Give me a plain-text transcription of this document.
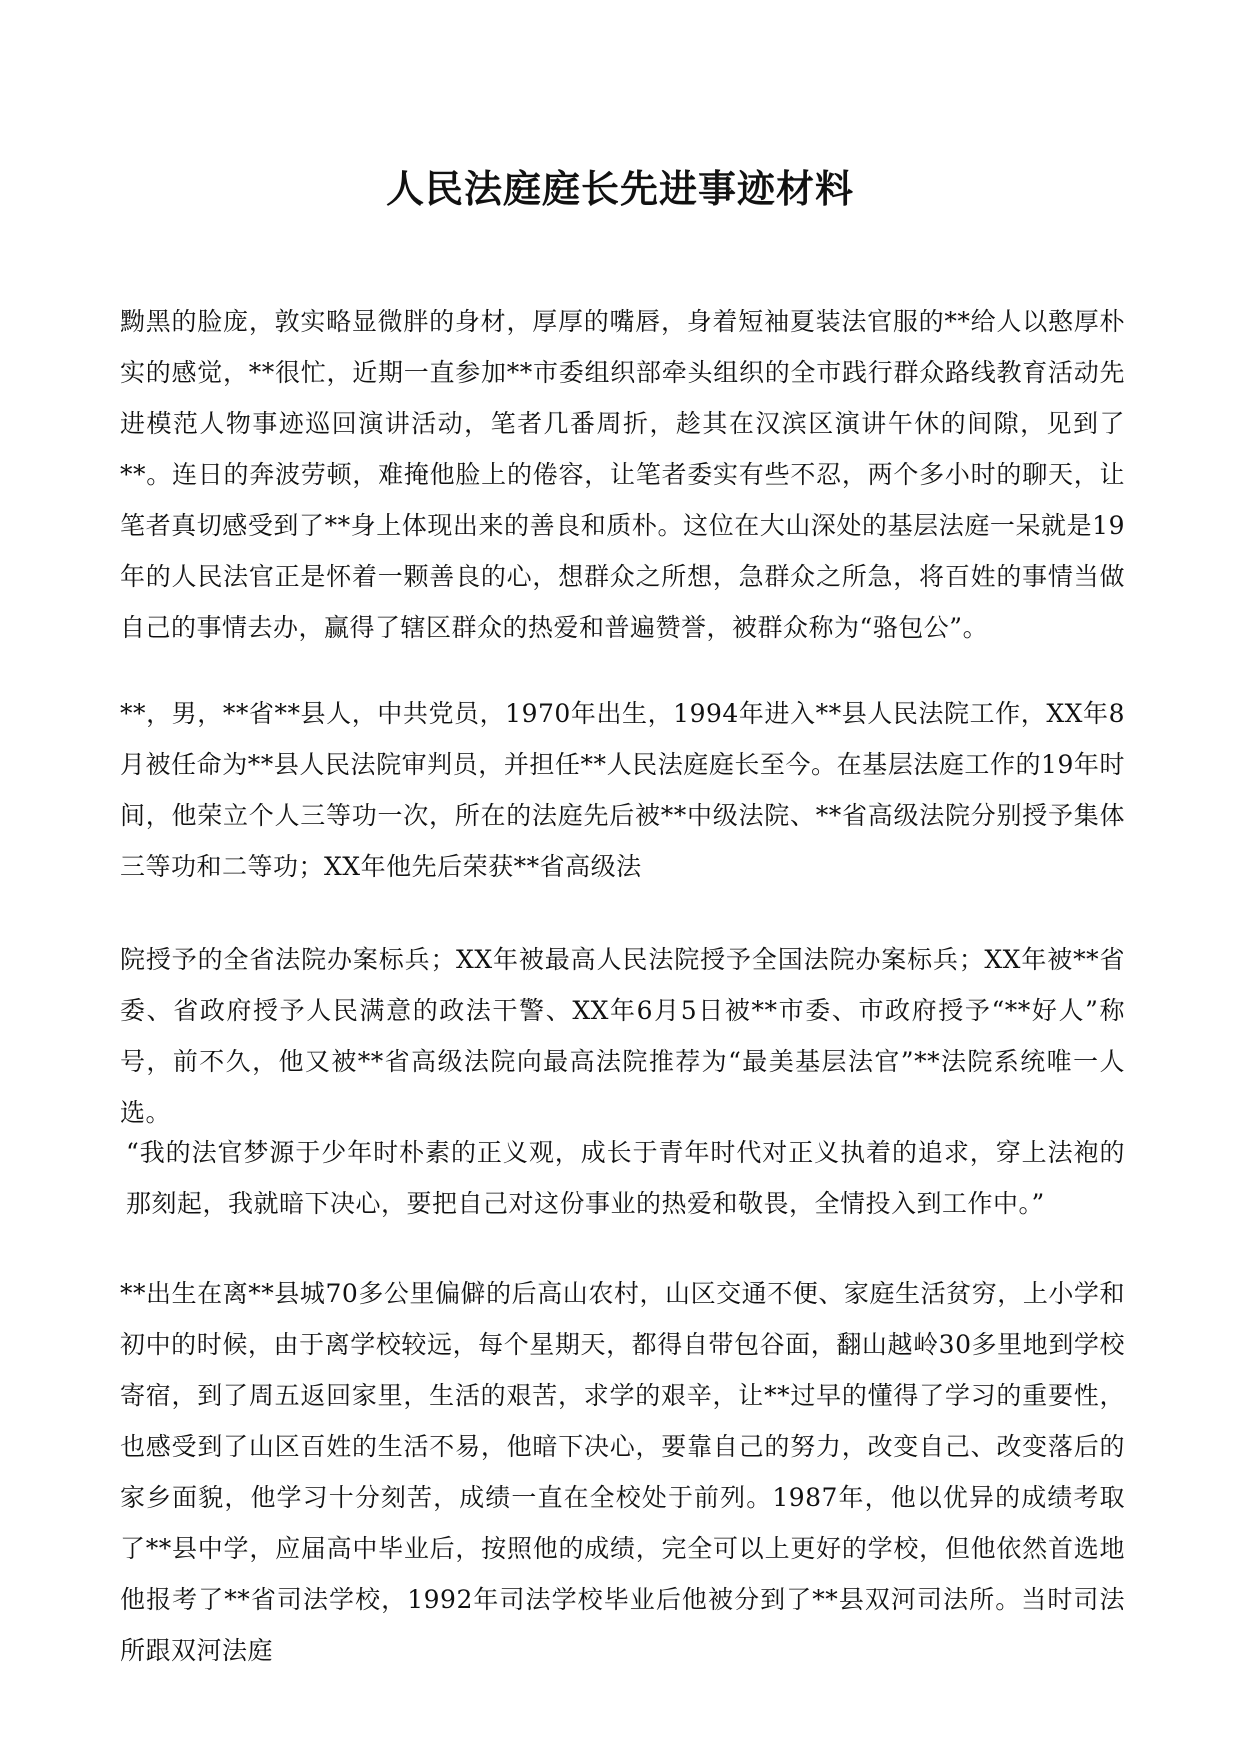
人民法庭庭长先进事迹材料

黝黑的脸庞，敦实略显微胖的身材，厚厚的嘴唇，身着短袖夏装法官服的**给人以憨厚朴实的感觉，**很忙，近期一直参加**市委组织部牵头组织的全市践行群众路线教育活动先进模范人物事迹巡回演讲活动，笔者几番周折，趁其在汉滨区演讲午休的间隙，见到了**。连日的奔波劳顿，难掩他脸上的倦容，让笔者委实有些不忍，两个多小时的聊天，让笔者真切感受到了**身上体现出来的善良和质朴。这位在大山深处的基层法庭一呆就是19年的人民法官正是怀着一颗善良的心，想群众之所想，急群众之所急，将百姓的事情当做自己的事情去办，赢得了辖区群众的热爱和普遍赞誉，被群众称为“骆包公”。

**，男，**省**县人，中共党员，1970年出生，1994年进入**县人民法院工作，XX年8月被任命为**县人民法院审判员，并担任**人民法庭庭长至今。在基层法庭工作的19年时间，他荣立个人三等功一次，所在的法庭先后被**中级法院、**省高级法院分别授予集体三等功和二等功；XX年他先后荣获**省高级法

院授予的全省法院办案标兵；XX年被最高人民法院授予全国法院办案标兵；XX年被**省委、省政府授予人民满意的政法干警、XX年6月5日被**市委、市政府授予“**好人”称号，前不久，他又被**省高级法院向最高法院推荐为“最美基层法官”**法院系统唯一人选。

“我的法官梦源于少年时朴素的正义观，成长于青年时代对正义执着的追求，穿上法袍的那刻起，我就暗下决心，要把自己对这份事业的热爱和敬畏，全情投入到工作中。”

**出生在离**县城70多公里偏僻的后高山农村，山区交通不便、家庭生活贫穷，上小学和初中的时候，由于离学校较远，每个星期天，都得自带包谷面，翻山越岭30多里地到学校寄宿，到了周五返回家里，生活的艰苦，求学的艰辛，让**过早的懂得了学习的重要性，也感受到了山区百姓的生活不易，他暗下决心，要靠自己的努力，改变自己、改变落后的家乡面貌，他学习十分刻苦，成绩一直在全校处于前列。1987年，他以优异的成绩考取了**县中学，应届高中毕业后，按照他的成绩，完全可以上更好的学校，但他依然首选地他报考了**省司法学校，1992年司法学校毕业后他被分到了**县双河司法所。当时司法所跟双河法庭
